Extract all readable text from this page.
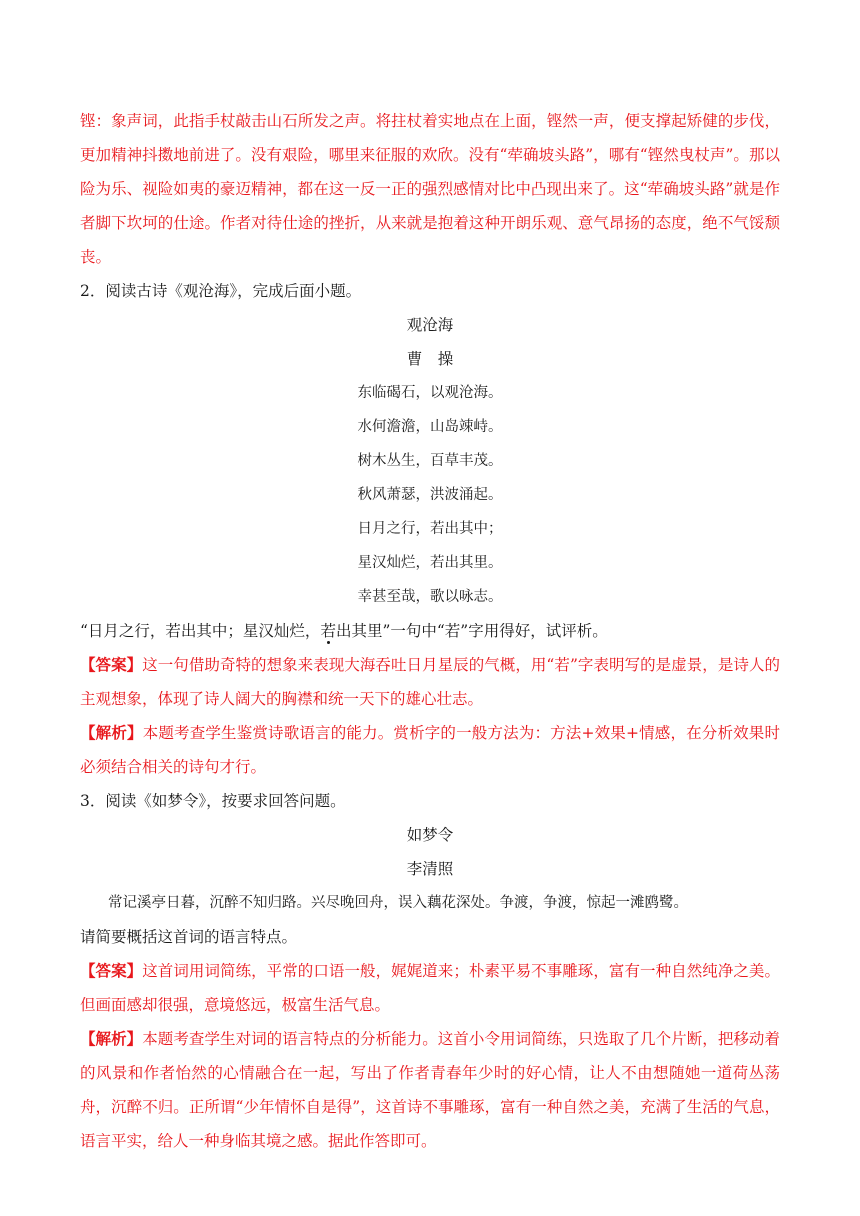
铿：象声词，此指手杖敲击山石所发之声。将拄杖着实地点在上面，铿然一声，便支撑起矫健的步伐，更加精神抖擞地前进了。没有艰险，哪里来征服的欢欣。没有“荦确坡头路”，哪有“铿然曳杖声”。那以险为乐、视险如夷的豪迈精神，都在这一反一正的强烈感情对比中凸现出来了。这“荦确坡头路”就是作者脚下坎坷的仕途。作者对待仕途的挫折，从来就是抱着这种开朗乐观、意气昂扬的态度，绝不气馁颓丧。

2．阅读古诗《观沧海》，完成后面小题。

观沧海

曹　操

东临碣石，以观沧海。

水何澹澹，山岛竦峙。

树木丛生，百草丰茂。

秋风萧瑟，洪波涌起。

日月之行，若出其中；

星汉灿烂，若出其里。

幸甚至哉，歌以咏志。

“日月之行，若出其中；星汉灿烂，若出其里”一句中“若”字用得好，试评析。

【答案】这一句借助奇特的想象来表现大海吞吐日月星辰的气概，用“若”字表明写的是虚景，是诗人的主观想象，体现了诗人阔大的胸襟和统一天下的雄心壮志。

【解析】本题考查学生鉴赏诗歌语言的能力。赏析字的一般方法为：方法+效果+情感，在分析效果时必须结合相关的诗句才行。

3．阅读《如梦令》，按要求回答问题。

如梦令

李清照

常记溪亭日暮，沉醉不知归路。兴尽晚回舟，误入藕花深处。争渡，争渡，惊起一滩鸥鹭。

请简要概括这首词的语言特点。

【答案】这首词用词简练，平常的口语一般，娓娓道来；朴素平易不事雕琢，富有一种自然纯净之美。但画面感却很强，意境悠远，极富生活气息。

【解析】本题考查学生对词的语言特点的分析能力。这首小令用词简练，只选取了几个片断，把移动着的风景和作者怡然的心情融合在一起，写出了作者青春年少时的好心情，让人不由想随她一道荷丛荡舟，沉醉不归。正所谓“少年情怀自是得”，这首诗不事雕琢，富有一种自然之美，充满了生活的气息，语言平实，给人一种身临其境之感。据此作答即可。
